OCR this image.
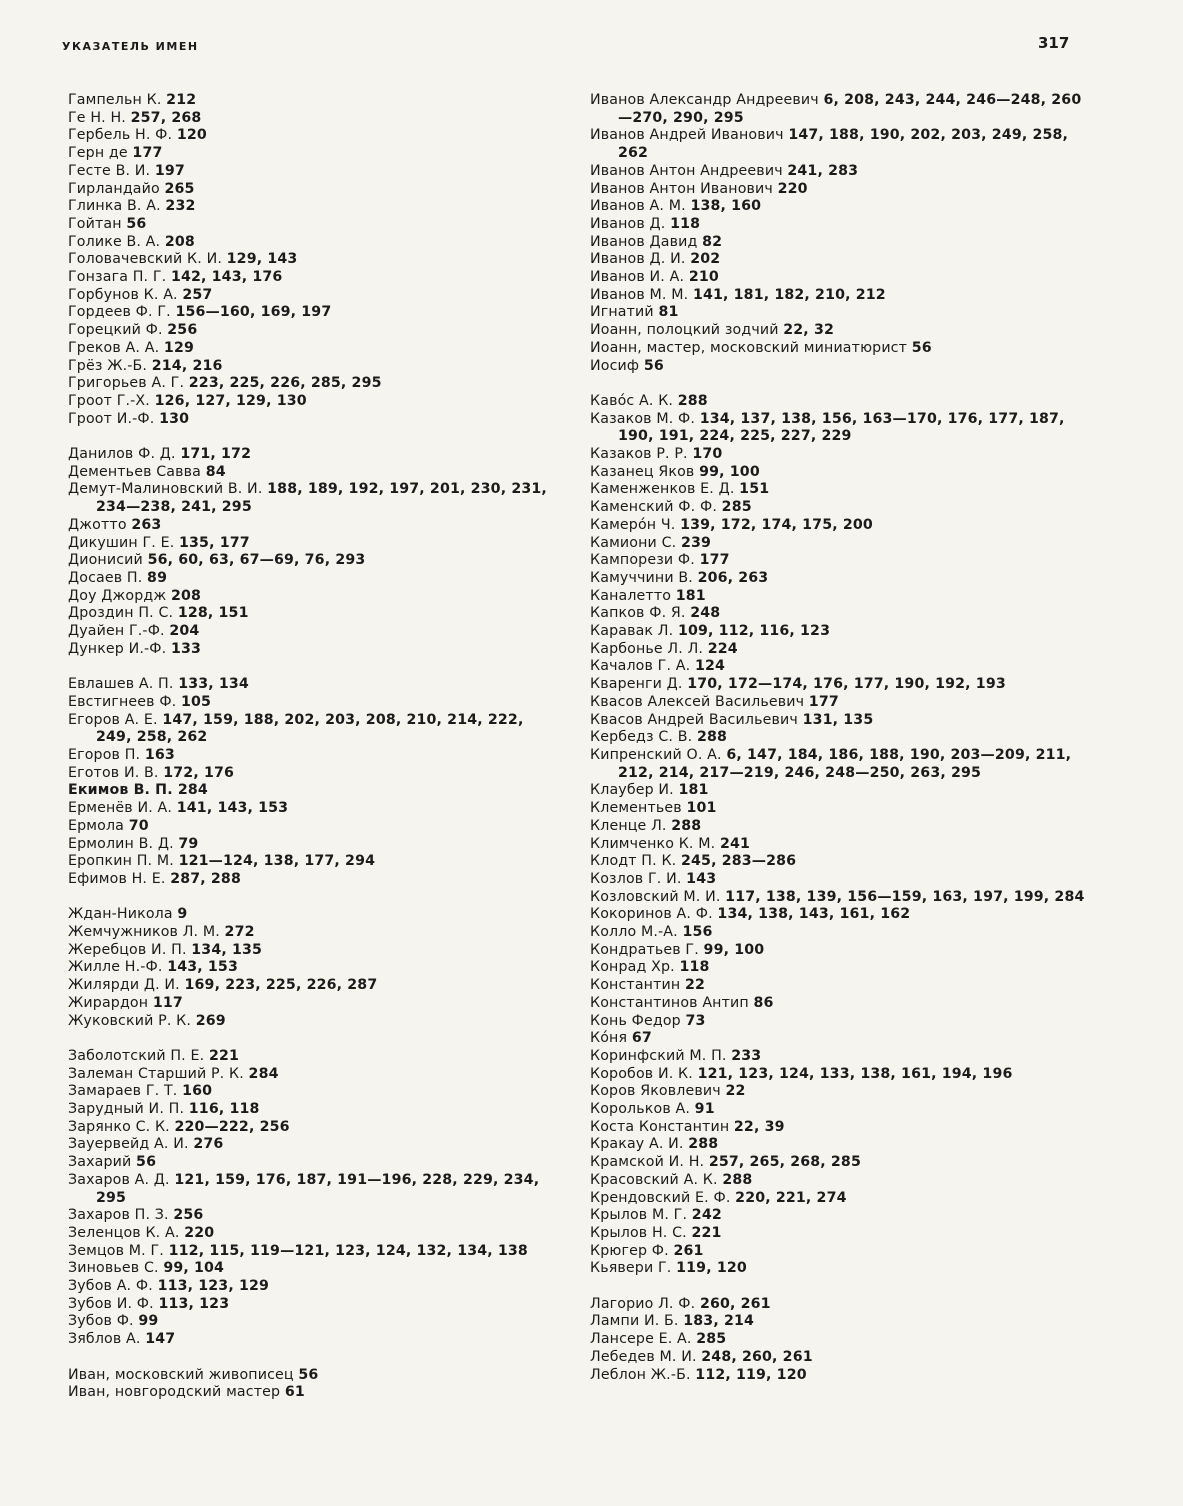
УКАЗАТЕЛЬ ИМЕН	317
Гампельн К. 212
Ге Н. Н. 257, 268
Гербель Н. Ф. 120
Герн де 177
Гесте В. И. 197
Гирландайо 265
Глинка В. А. 232
Гойтан 56
Голике В. А. 208
Головачевский К. И. 129, 143
Гонзага П. Г. 142, 143, 176
Горбунов К. А. 257
Гордеев Ф. Г. 156—160, 169, 197
Горецкий Ф. 256
Греков А. А. 129
Грёз Ж.-Б. 214, 216
Григорьев А. Г. 223, 225, 226, 285, 295
Гроот Г.-Х. 126, 127, 129, 130
Гроот И.-Ф. 130
Данилов Ф. Д. 171, 172
Дементьев Савва 84
Демут-Малиновский В. И. 188, 189, 192, 197, 201, 230, 231, 234—238, 241, 295
Джотто 263
Дикушин Г. Е. 135, 177
Дионисий 56, 60, 63, 67—69, 76, 293
Досаев П. 89
Доу Джордж 208
Дроздин П. С. 128, 151
Дуайен Г.-Ф. 204
Дункер И.-Ф. 133
Евлашев А. П. 133, 134
Евстигнеев Ф. 105
Егоров А. Е. 147, 159, 188, 202, 203, 208, 210, 214, 222, 249, 258, 262
Егоров П. 163
Еготов И. В. 172, 176
Екимов В. П. 284
Ерменёв И. А. 141, 143, 153
Ермола 70
Ермолин В. Д. 79
Еропкин П. М. 121—124, 138, 177, 294
Ефимов Н. Е. 287, 288
Ждан-Никола 9
Жемчужников Л. М. 272
Жеребцов И. П. 134, 135
Жилле Н.-Ф. 143, 153
Жилярди Д. И. 169, 223, 225, 226, 287
Жирардон 117
Жуковский Р. К. 269
Заболотский П. Е. 221
Залеман Старший Р. К. 284
Замараев Г. Т. 160
Зарудный И. П. 116, 118
Зарянко С. К. 220—222, 256
Зауервейд А. И. 276
Захарий 56
Захаров А. Д. 121, 159, 176, 187, 191—196, 228, 229, 234, 295
Захаров П. З. 256
Зеленцов К. А. 220
Земцов М. Г. 112, 115, 119—121, 123, 124, 132, 134, 138
Зиновьев С. 99, 104
Зубов А. Ф. 113, 123, 129
Зубов И. Ф. 113, 123
Зубов Ф. 99
Зяблов А. 147
Иван, московский живописец 56
Иван, новгородский мастер 61
Иванов Александр Андреевич 6, 208, 243, 244, 246—248, 260—270, 290, 295
Иванов Андрей Иванович 147, 188, 190, 202, 203, 249, 258, 262
Иванов Антон Андреевич 241, 283
Иванов Антон Иванович 220
Иванов А. М. 138, 160
Иванов Д. 118
Иванов Давид 82
Иванов Д. И. 202
Иванов И. А. 210
Иванов М. М. 141, 181, 182, 210, 212
Игнатий 81
Иоанн, полоцкий зодчий 22, 32
Иоанн, мастер, московский миниатюрист 56
Иосиф 56
Кавóс А. К. 288
Казаков М. Ф. 134, 137, 138, 156, 163—170, 176, 177, 187, 190, 191, 224, 225, 227, 229
Казаков Р. Р. 170
Казанец Яков 99, 100
Каменженков Е. Д. 151
Каменский Ф. Ф. 285
Камерóн Ч. 139, 172, 174, 175, 200
Камиони С. 239
Кампорези Ф. 177
Камуччини В. 206, 263
Каналетто 181
Капков Ф. Я. 248
Каравак Л. 109, 112, 116, 123
Карбонье Л. Л. 224
Качалов Г. А. 124
Кваренги Д. 170, 172—174, 176, 177, 190, 192, 193
Квасов Алексей Васильевич 177
Квасов Андрей Васильевич 131, 135
Кербедз С. В. 288
Кипренский О. А. 6, 147, 184, 186, 188, 190, 203—209, 211, 212, 214, 217—219, 246, 248—250, 263, 295
Клаубер И. 181
Клементьев 101
Кленце Л. 288
Климченко К. М. 241
Клодт П. К. 245, 283—286
Козлов Г. И. 143
Козловский М. И. 117, 138, 139, 156—159, 163, 197, 199, 284
Кокоринов А. Ф. 134, 138, 143, 161, 162
Колло М.-А. 156
Кондратьев Г. 99, 100
Конрад Хр. 118
Константин 22
Константинов Антип 86
Конь Федор 73
Кóня 67
Коринфский М. П. 233
Коробов И. К. 121, 123, 124, 133, 138, 161, 194, 196
Коров Яковлевич 22
Корольков А. 91
Коста Константин 22, 39
Кракау А. И. 288
Крамской И. Н. 257, 265, 268, 285
Красовский А. К. 288
Крендовский Е. Ф. 220, 221, 274
Крылов М. Г. 242
Крылов Н. С. 221
Крюгер Ф. 261
Кьявери Г. 119, 120
Лагорио Л. Ф. 260, 261
Лампи И. Б. 183, 214
Лансере Е. А. 285
Лебедев М. И. 248, 260, 261
Леблон Ж.-Б. 112, 119, 120
